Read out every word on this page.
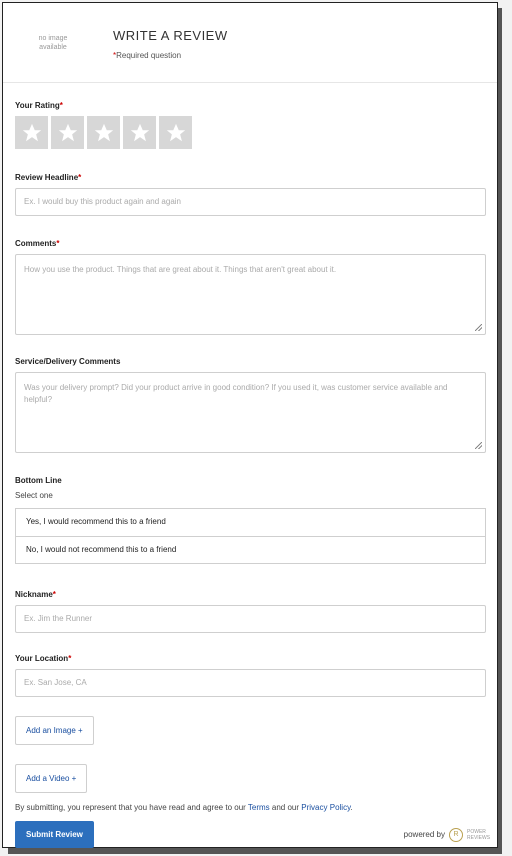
no image available
WRITE A REVIEW
*Required question
Your Rating*
Review Headline*
Ex. I would buy this product again and again
Comments*
How you use the product. Things that are great about it. Things that aren't great about it.
Service/Delivery Comments
Was your delivery prompt? Did your product arrive in good condition? If you used it, was customer service available and helpful?
Bottom Line
Select one
Yes, I would recommend this to a friend
No, I would not recommend this to a friend
Nickname*
Ex. Jim the Runner
Your Location*
Ex. San Jose, CA
Add an Image +
Add a Video +
By submitting, you represent that you have read and agree to our Terms and our Privacy Policy.
Submit Review	powered by	R	POWER REVIEWS
